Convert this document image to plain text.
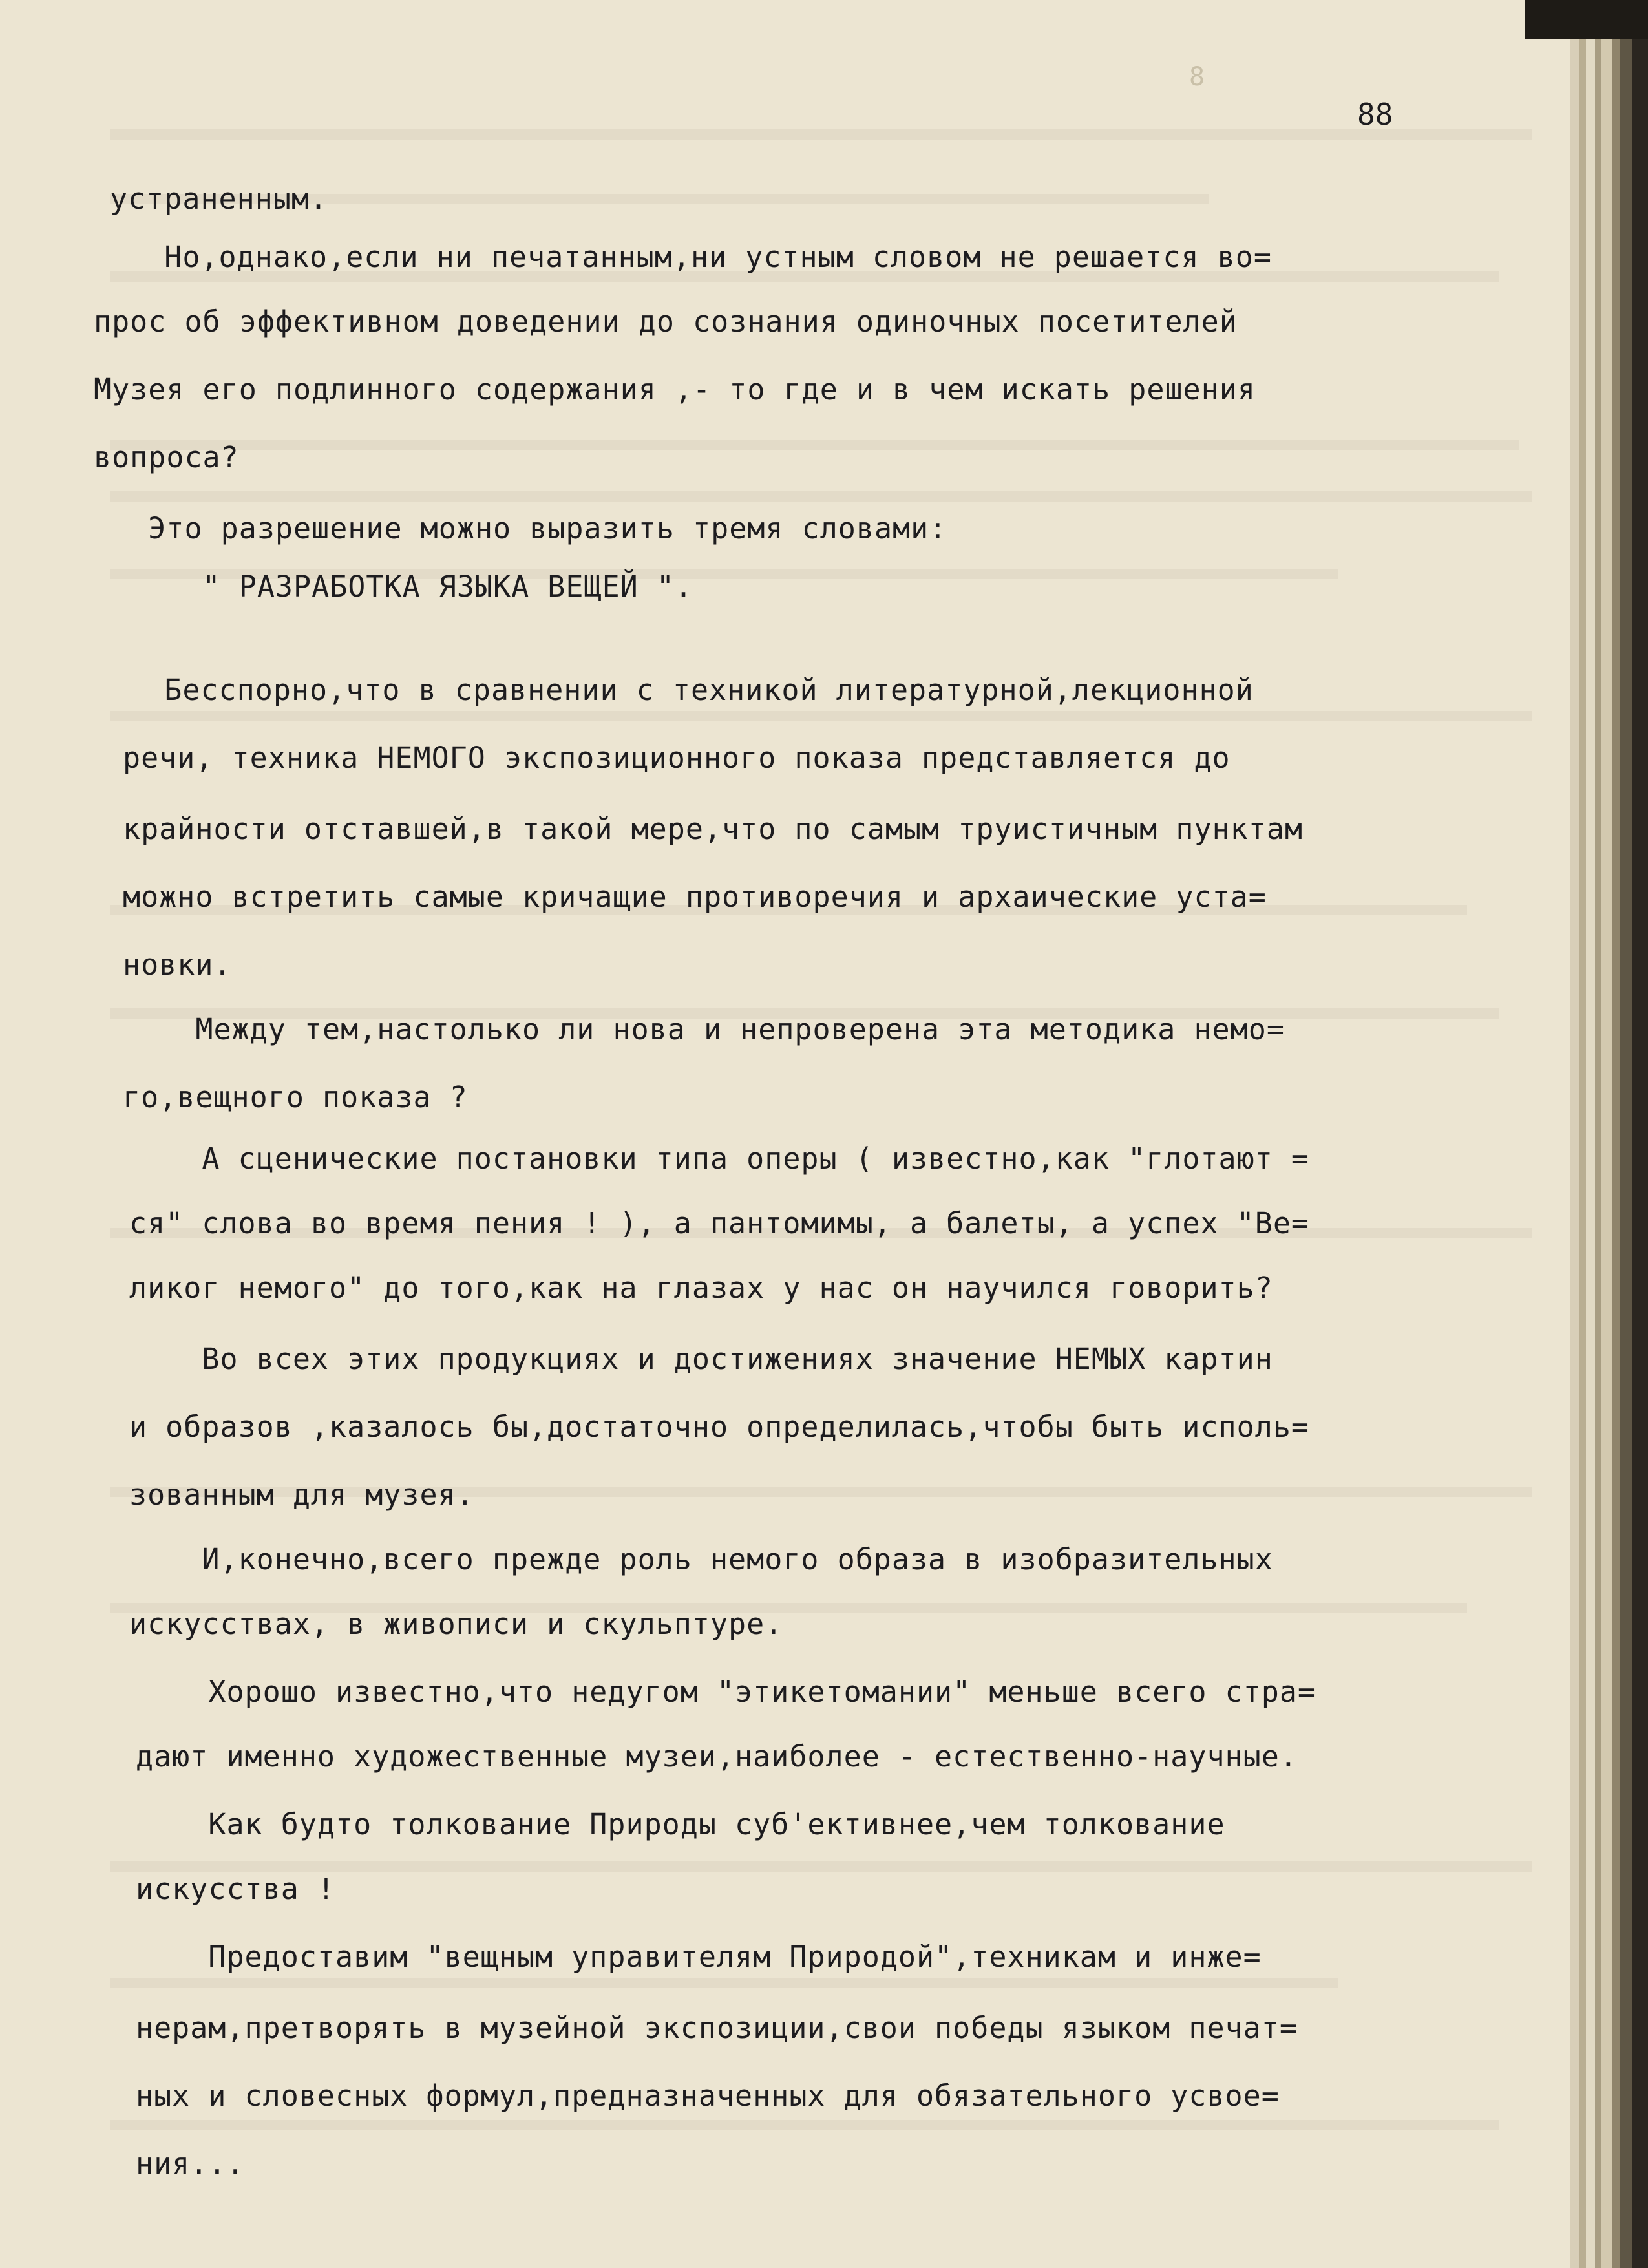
8
88
устраненным.
Но,однако,если ни печатанным,ни устным словом не решается во=
прос об эффективном доведении до сознания одиночных посетителей
Музея его подлинного содержания ,- то где и в чем искать решения
вопроса?
Это разрешение можно выразить тремя словами:
" РАЗРАБОТКА ЯЗЫКА ВЕЩЕЙ ".
Бесспорно,что в сравнении с техникой литературной,лекционной
речи, техника НЕМОГО экспозиционного показа представляется до
крайности отставшей,в такой мере,что по самым труистичным пунктам
можно встретить самые кричащие противоречия и архаические уста=
новки.
Между тем,настолько ли нова и непроверена эта методика немо=
го,вещного показа ?
А сценические постановки типа оперы ( известно,как "глотают =
ся" слова во время пения ! ), а пантомимы, а балеты, а успех "Ве=
ликог немого" до того,как на глазах у нас он научился говорить?
Во всех этих продукциях и достижениях значение НЕМЫХ картин
и образов ,казалось бы,достаточно определилась,чтобы быть исполь=
зованным для музея.
И,конечно,всего прежде роль немого образа в изобразительных
искусствах, в живописи и скульптуре.
Хорошо известно,что недугом "этикетомании" меньше всего стра=
дают именно художественные музеи,наиболее - естественно-научные.
Как будто толкование Природы суб'ективнее,чем толкование
искусства !
Предоставим "вещным управителям Природой",техникам и инже=
нерам,претворять в музейной экспозиции,свои победы языком печат=
ных и словесных формул,предназначенных для обязательного усвое=
ния...
